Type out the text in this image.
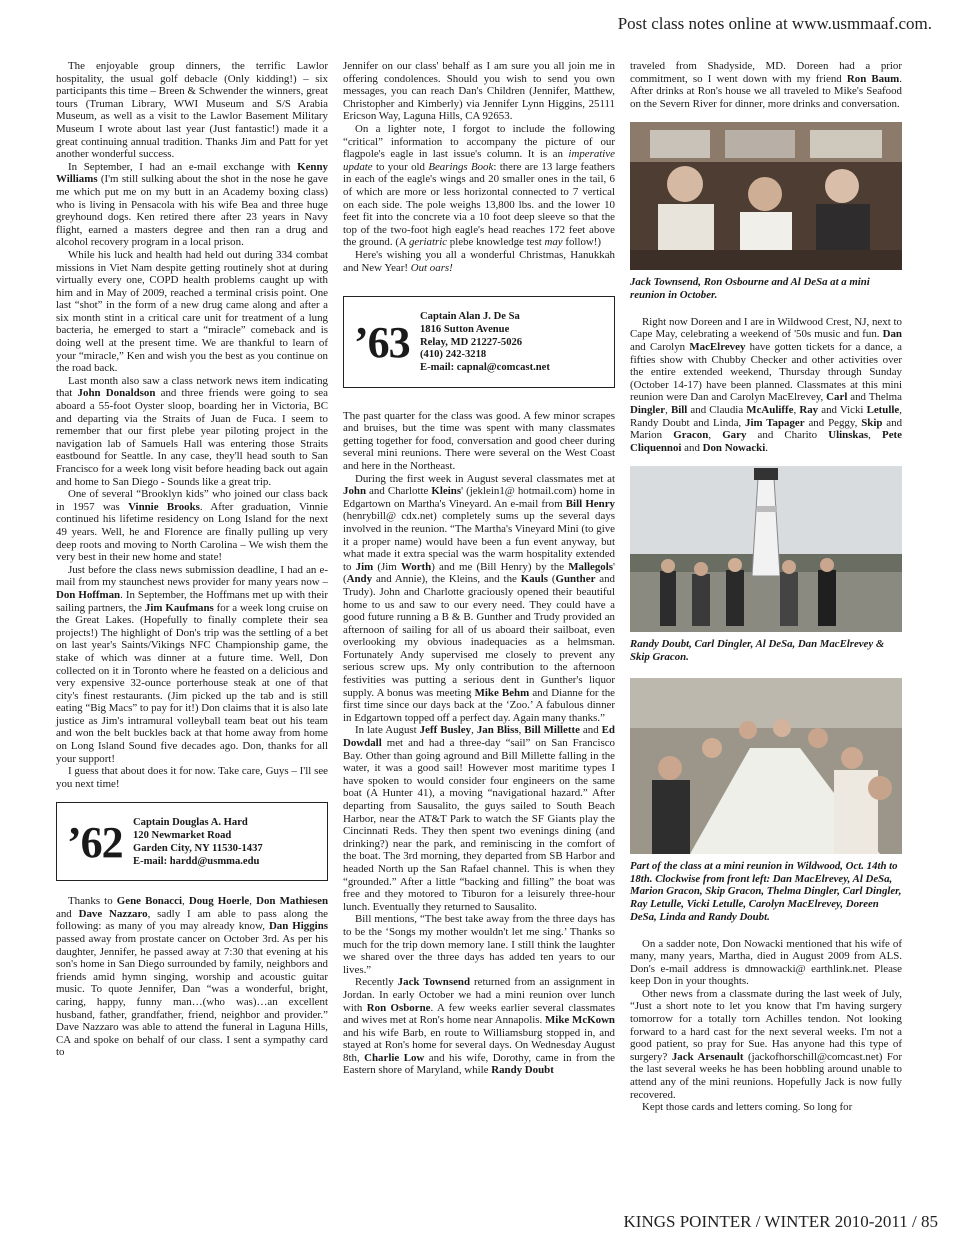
Post class notes online at www.usmmaaf.com.

The enjoyable group dinners, the terrific Lawlor hospitality, the usual golf debacle (Only kidding!) – six participants this time – Breen & Schwender the winners, great tours (Truman Library, WWI Museum and S/S Arabia Museum, as well as a visit to the Lawlor Basement Military Museum I wrote about last year (Just fantastic!) made it a great continuing annual tradition. Thanks Jim and Patt for yet another wonderful success.

In September, I had an e-mail exchange with Kenny Williams (I'm still sulking about the shot in the nose he gave me which put me on my butt in an Academy boxing class) who is living in Pensacola with his wife Bea and three huge greyhound dogs. Ken retired there after 23 years in Navy flight, earned a masters degree and then ran a drug and alcohol recovery program in a local prison.

While his luck and health had held out during 334 combat missions in Viet Nam despite getting routinely shot at during virtually every one, COPD health problems caught up with him and in May of 2009, reached a terminal crisis point. One last “shot” in the form of a new drug came along and after a six month stint in a critical care unit for treatment of a lung bacteria, he emerged to start a “miracle” comeback and is doing well at the present time. We are thankful to learn of your “miracle,” Ken and wish you the best as you continue on the road back.

Last month also saw a class network news item indicating that John Donaldson and three friends were going to sea aboard a 55-foot Oyster sloop, boarding her in Victoria, BC and departing via the Straits of Juan de Fuca. I seem to remember that our first plebe year piloting project in the navigation lab of Samuels Hall was entering those Straits eastbound for Seattle. In any case, they'll head south to San Francisco for a week long visit before heading back out again and home to San Diego - Sounds like a great trip.

One of several “Brooklyn kids” who joined our class back in 1957 was Vinnie Brooks. After graduation, Vinnie continued his lifetime residency on Long Island for the next 49 years. Well, he and Florence are finally pulling up very deep roots and moving to North Carolina – We wish them the very best in their new home and state!

Just before the class news submission deadline, I had an e-mail from my staunchest news provider for many years now – Don Hoffman. In September, the Hoffmans met up with their sailing partners, the Jim Kaufmans for a week long cruise on the Great Lakes. (Hopefully to finally complete their sea projects!) The highlight of Don's trip was the settling of a bet on last year's Saints/Vikings NFC Championship game, the stake of which was dinner at a future time. Well, Don collected on it in Toronto where he feasted on a delicious and very expensive 32-ounce porterhouse steak at one of that city's finest restaurants. (Jim picked up the tab and is still eating “Big Macs” to pay for it!) Don claims that it is also late justice as Jim's intramural volleyball team beat out his team and won the belt buckles back at that home away from home on Long Island Sound five decades ago. Don, thanks for all your support!

I guess that about does it for now. Take care, Guys – I'll see you next time!

’62 Captain Douglas A. Hard
120 Newmarket Road
Garden City, NY 11530-1437
E-mail: hardd@usmma.edu

Thanks to Gene Bonacci, Doug Hoerle, Don Mathiesen and Dave Nazzaro, sadly I am able to pass along the following: as many of you may already know, Dan Higgins passed away from prostate cancer on October 3rd. As per his daughter, Jennifer, he passed away at 7:30 that evening at his son's home in San Diego surrounded by family, neighbors and friends amid hymn singing, worship and acoustic guitar music. To quote Jennifer, Dan “was a wonderful, bright, caring, happy, funny man…(who was)…an excellent husband, father, grandfather, friend, neighbor and provider.” Dave Nazzaro was able to attend the funeral in Laguna Hills, CA and spoke on behalf of our class. I sent a sympathy card to

Jennifer on our class' behalf as I am sure you all join me in offering condolences. Should you wish to send you own messages, you can reach Dan's Children (Jennifer, Matthew, Christopher and Kimberly) via Jennifer Lynn Higgins, 25111 Ericson Way, Laguna Hills, CA 92653.

On a lighter note, I forgot to include the following “critical” information to accompany the picture of our flagpole's eagle in last issue's column. It is an imperative update to your old Bearings Book: there are 13 large feathers in each of the eagle's wings and 20 smaller ones in the tail, 6 of which are more or less horizontal connected to 7 vertical on each side. The pole weighs 13,800 lbs. and the lower 10 feet fit into the concrete via a 10 foot deep sleeve so that the top of the two-foot high eagle's head reaches 172 feet above the ground. (A geriatric plebe knowledge test may follow!)

Here's wishing you all a wonderful Christmas, Hanukkah and New Year! Out oars!

’63
Captain Alan J. De Sa
1816 Sutton Avenue
Relay, MD 21227-5026
(410) 242-3218
E-mail: capnal@comcast.net

The past quarter for the class was good. A few minor scrapes and bruises, but the time was spent with many classmates getting together for food, conversation and good cheer during several mini reunions. There were several on the West Coast and here in the Northeast.

During the first week in August several classmates met at John and Charlotte Kleins' (jeklein1@ hotmail.com) home in Edgartown on Martha's Vineyard. An e-mail from Bill Henry (henrybill@ cdx.net) completely sums up the several days involved in the reunion. “The Martha's Vineyard Mini (to give it a proper name) would have been a fun event anyway, but what made it extra special was the warm hospitality extended to Jim (Jim Worth) and me (Bill Henry) by the Mallegols' (Andy and Annie), the Kleins, and the Kauls (Gunther and Trudy). John and Charlotte graciously opened their beautiful home to us and saw to our every need. They could have a good future running a B & B. Gunther and Trudy provided an afternoon of sailing for all of us aboard their sailboat, even overlooking my obvious inadequacies as a helmsman. Fortunately Andy supervised me closely to prevent any serious screw ups. My only contribution to the afternoon festivities was putting a serious dent in Gunther's liquor supply. A bonus was meeting Mike Behm and Dianne for the first time since our days back at the ‘Zoo.’ A fabulous dinner in Edgartown topped off a perfect day. Again many thanks.”

In late August Jeff Busley, Jan Bliss, Bill Millette and Ed Dowdall met and had a three-day “sail” on San Francisco Bay. Other than going aground and Bill Millette falling in the water, it was a good sail! However most maritime types I have spoken to would consider four engineers on the same boat (A Hunter 41), a moving “navigational hazard.” After departing from Sausalito, the guys sailed to South Beach Harbor, near the AT&T Park to watch the SF Giants play the Cincinnati Reds. They then spent two evenings dining (and drinking?) near the park, and reminiscing in the comfort of the boat. The 3rd morning, they departed from SB Harbor and headed North up the San Rafael channel. This is when they “grounded.” After a little “backing and filling” the boat was free and they motored to Tiburon for a leisurely three-hour lunch. Eventually they returned to Sausalito.

Bill mentions, “The best take away from the three days has to be the ‘Songs my mother wouldn't let me sing.’ Thanks so much for the trip down memory lane. I still think the laughter we shared over the three days has added ten years to our lives.”

Recently Jack Townsend returned from an assignment in Jordan. In early October we had a mini reunion over lunch with Ron Osborne. A few weeks earlier several classmates and wives met at Ron's home near Annapolis. Mike McKown and his wife Barb, en route to Williamsburg stopped in, and stayed at Ron's home for several days. On Wednesday August 8th, Charlie Low and his wife, Dorothy, came in from the Eastern shore of Maryland, while Randy Doubt

traveled from Shadyside, MD. Doreen had a prior commitment, so I went down with my friend Ron Baum. After drinks at Ron's house we all traveled to Mike's Seafood on the Severn River for dinner, more drinks and conversation.

Jack Townsend, Ron Osbourne and Al DeSa at a mini reunion in October.

Right now Doreen and I are in Wildwood Crest, NJ, next to Cape May, celebrating a weekend of '50s music and fun. Dan and Carolyn MacElrevey have gotten tickets for a dance, a fifties show with Chubby Checker and other activities over the entire extended weekend, Thursday through Sunday (October 14-17) have been planned. Classmates at this mini reunion were Dan and Carolyn MacElrevey, Carl and Thelma Dingler, Bill and Claudia McAuliffe, Ray and Vicki Letulle, Randy Doubt and Linda, Jim Tapager and Peggy, Skip and Marion Gracon, Gary and Charito Ulinskas, Pete Cliquennoi and Don Nowacki.

Randy Doubt, Carl Dingler, Al DeSa, Dan MacElrevey & Skip Gracon.
Part of the class at a mini reunion in Wildwood, Oct. 14th to 18th. Clockwise from front left: Dan MacElrevey, Al DeSa, Marion Gracon, Skip Gracon, Thelma Dingler, Carl Dingler, Ray Letulle, Vicki Letulle, Carolyn MacElrevey, Doreen DeSa, Linda and Randy Doubt.

On a sadder note, Don Nowacki mentioned that his wife of many, many years, Martha, died in August 2009 from ALS. Don's e-mail address is dmnowacki@ earthlink.net. Please keep Don in your thoughts.

Other news from a classmate during the last week of July, “Just a short note to let you know that I'm having surgery tomorrow for a totally torn Achilles tendon. Not looking forward to a hard cast for the next several weeks. I'm not a good patient, so pray for Sue. Has anyone had this type of surgery? Jack Arsenault (jackofhorschill@comcast.net) For the last several weeks he has been hobbling around unable to attend any of the mini reunions. Hopefully Jack is now fully recovered.

Kept those cards and letters coming. So long for

KINGS POINTER / WINTER 2010-2011 / 85
